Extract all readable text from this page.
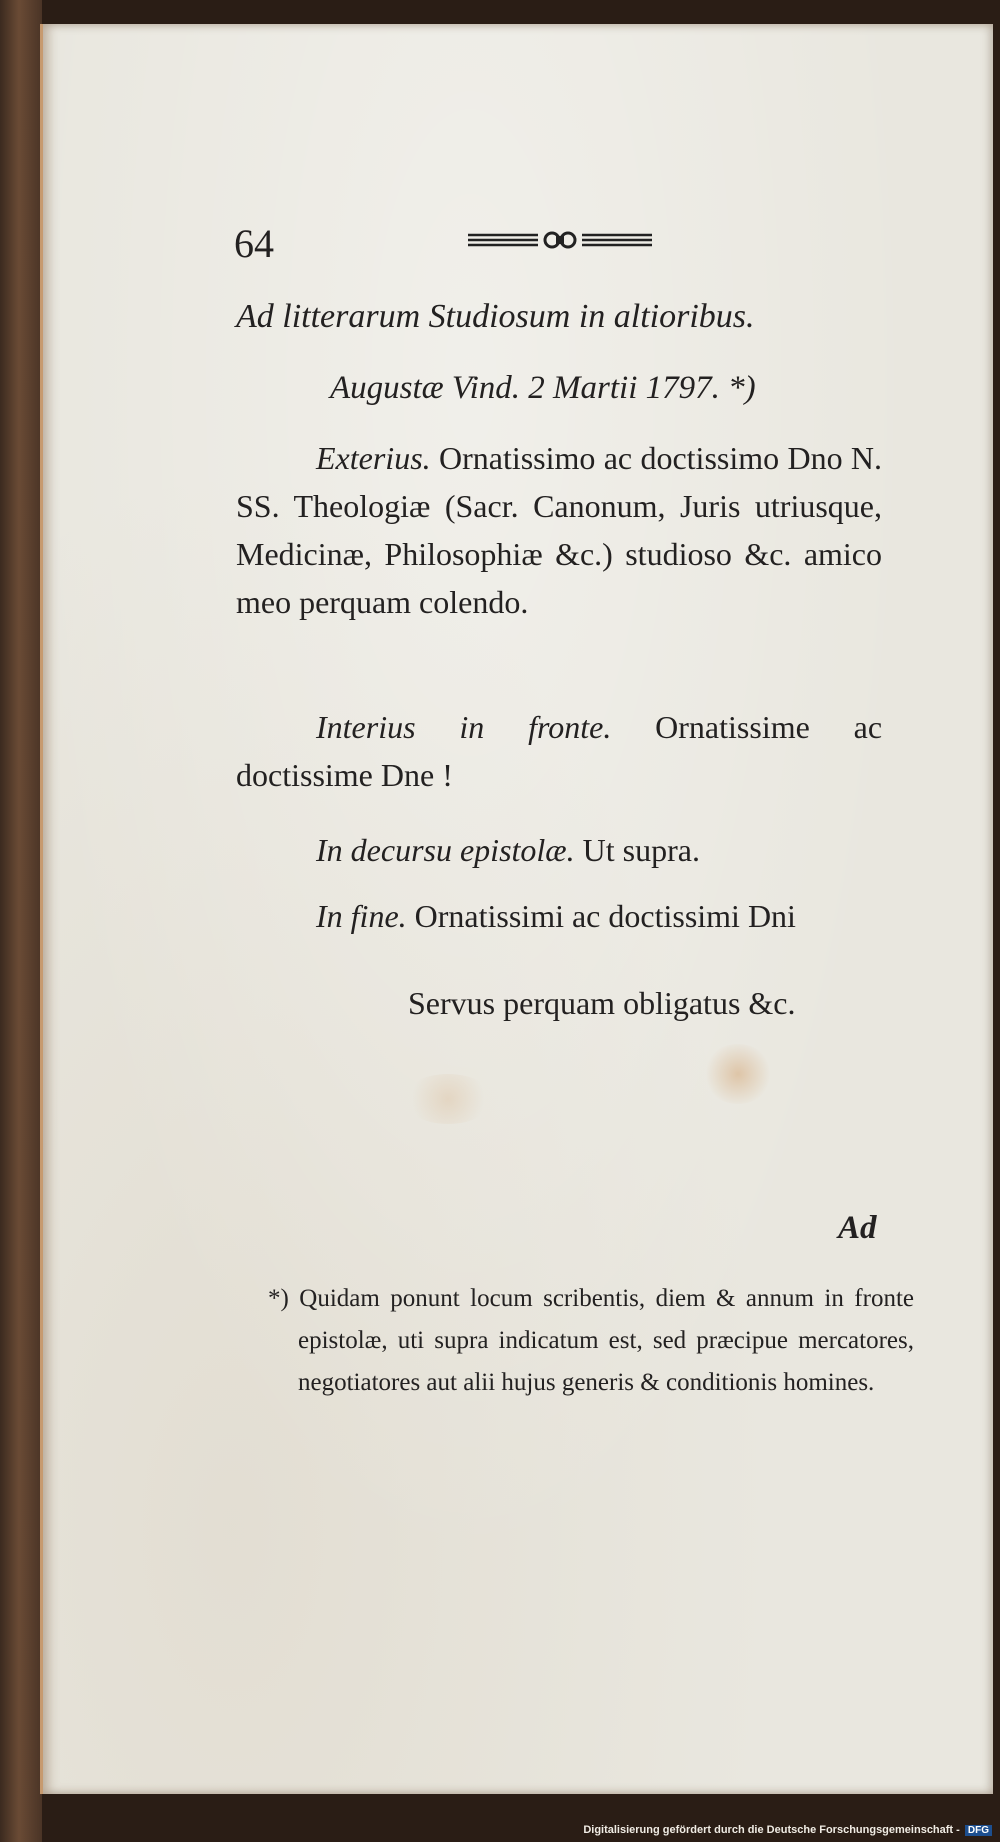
64
Ad litterarum Studiosum in altioribus.
Augustæ Vind. 2 Martii 1797. *)
Exterius. Ornatissimo ac doctissimo Dno N. SS. Theologiæ (Sacr. Canonum, Juris utriusque, Medicinæ, Philosophiæ &c.) studioso &c. amico meo perquam colendo.
Interius in fronte. Ornatissime ac doctissime Dne !
In decursu epistolæ. Ut supra.
In fine. Ornatissimi ac doctissimi Dni
Servus perquam obligatus &c.
Ad
*) Quidam ponunt locum scribentis, diem & annum in fronte epistolæ, uti supra indicatum est, sed præcipue mercatores, negotiatores aut alii hujus generis & conditionis homines.
Digitalisierung gefördert durch die Deutsche Forschungsgemeinschaft - DFG
